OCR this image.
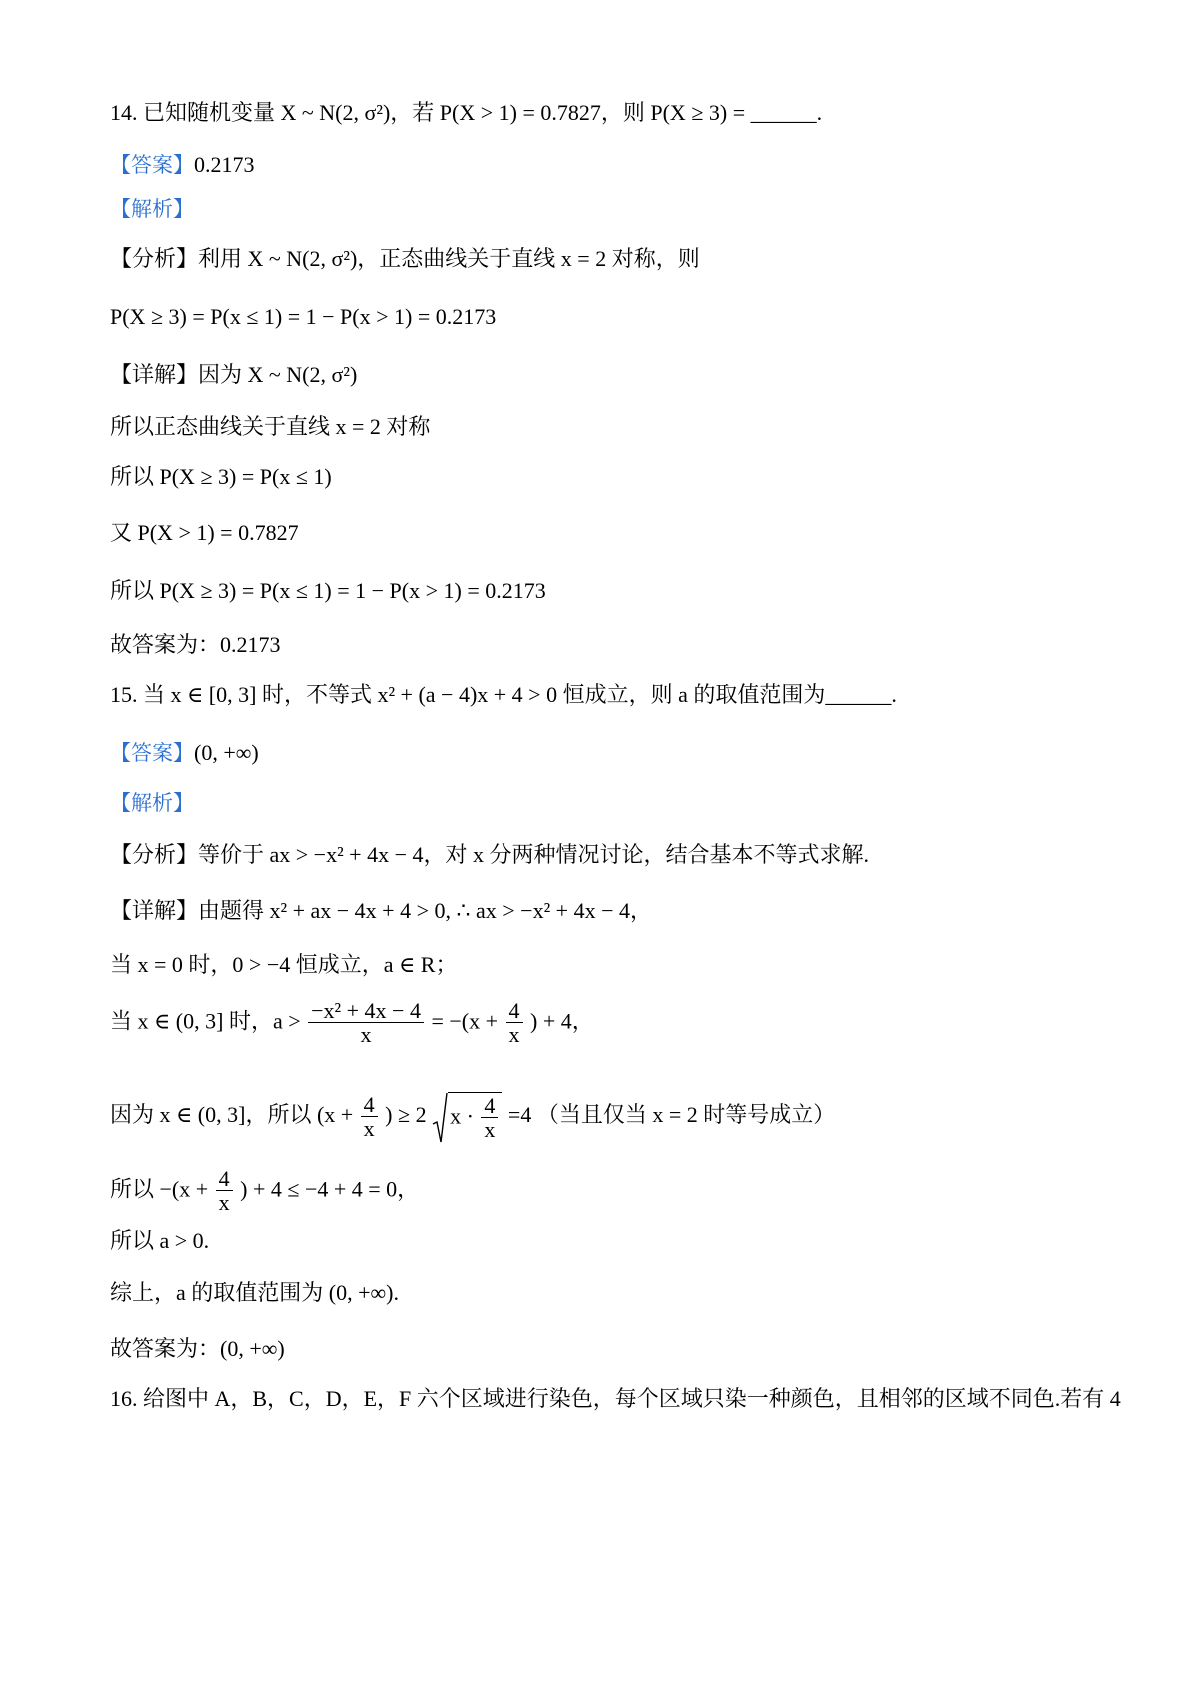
14. 已知随机变量 X ~ N(2, σ²)，若 P(X > 1) = 0.7827，则 P(X ≥ 3) = ______.
【答案】0.2173
【解析】
【分析】利用 X ~ N(2, σ²)，正态曲线关于直线 x = 2 对称，则
P(X ≥ 3) = P(x ≤ 1) = 1 − P(x > 1) = 0.2173
【详解】因为 X ~ N(2, σ²)
所以正态曲线关于直线 x = 2 对称
所以 P(X ≥ 3) = P(x ≤ 1)
又 P(X > 1) = 0.7827
所以 P(X ≥ 3) = P(x ≤ 1) = 1 − P(x > 1) = 0.2173
故答案为：0.2173
15. 当 x ∈ [0, 3] 时，不等式 x² + (a − 4)x + 4 > 0 恒成立，则 a 的取值范围为______.
【答案】(0, +∞)
【解析】
【分析】等价于 ax > −x² + 4x − 4，对 x 分两种情况讨论，结合基本不等式求解.
【详解】由题得 x² + ax − 4x + 4 > 0, ∴ ax > −x² + 4x − 4，
当 x = 0 时，0 > −4 恒成立，a ∈ R；
当 x ∈ (0, 3] 时，$a > \frac{\text{−x² + 4x − 4}}{x} = -(x + \frac{4}{x}$ ) + 4，
因为 x ∈ (0, 3]，所以 ($x + \frac{4}{x}$ ) ≥ 2 $x \cdot \frac{4}{x} =4$ （当且仅当 x = 2 时等号成立）
所以 $-(x + \frac{4}{x}$ ) + 4 ≤ −4 + 4 = 0，
所以 a > 0.
综上，a 的取值范围为 (0, +∞).
故答案为：(0, +∞)
16. 给图中 A，B，C，D，E，F 六个区域进行染色，每个区域只染一种颜色，且相邻的区域不同色.若有 4
